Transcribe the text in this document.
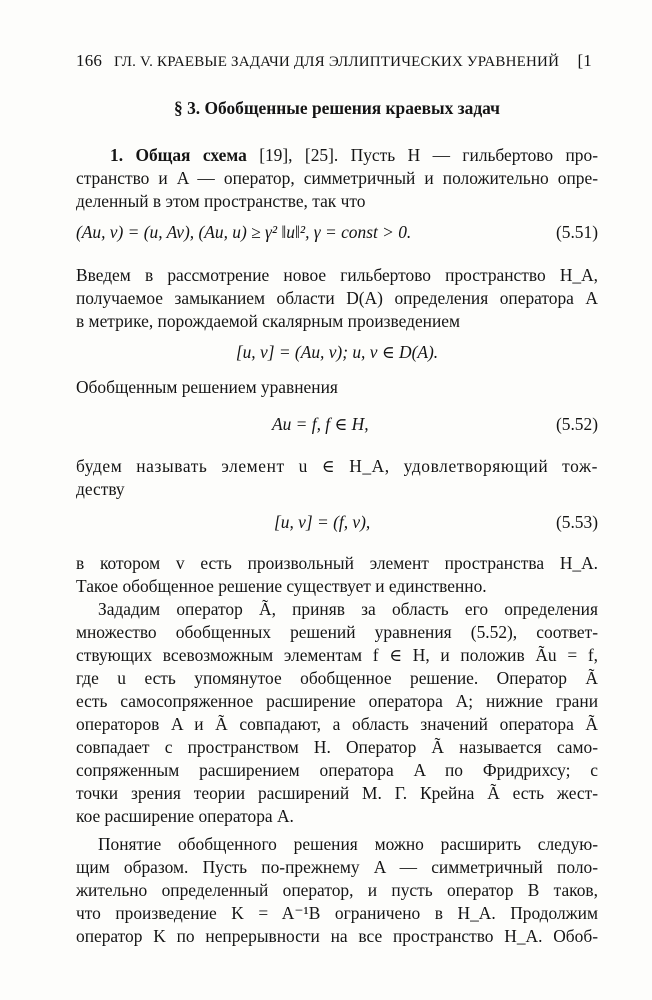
166 ГЛ. V. КРАЕВЫЕ ЗАДАЧИ ДЛЯ ЭЛЛИПТИЧЕСКИХ УРАВНЕНИЙ [1
§ 3. Обобщенные решения краевых задач
1. Общая схема [19], [25]. Пусть H — гильбертово про-
странство и A — оператор, симметричный и положительно опре-
деленный в этом пространстве, так что
(Au, v) = (u, Av), (Au, u) ≥ γ² ‖u‖², γ = const > 0.	(5.51)
Введем в рассмотрение новое гильбертово пространство H_A,
получаемое замыканием области D(A) определения оператора A
в метрике, порождаемой скалярным произведением
[u, v] = (Au, v); u, v ∈ D(A).
Обобщенным решением уравнения
Au = f, f ∈ H,	(5.52)
будем называть элемент u ∈ H_A, удовлетворяющий тож-
деству
[u, v] = (f, v),	(5.53)
в котором v есть произвольный элемент пространства H_A.
Такое обобщенное решение существует и единственно.
Зададим оператор Ã, приняв за область его определения
множество обобщенных решений уравнения (5.52), соответ-
ствующих всевозможным элементам f ∈ H, и положив Ãu = f,
где u есть упомянутое обобщенное решение. Оператор Ã
есть самосопряженное расширение оператора A; нижние грани
операторов A и Ã совпадают, а область значений оператора Ã
совпадает с пространством H. Оператор Ã называется само-
сопряженным расширением оператора A по Фридрихсу; с
точки зрения теории расширений М. Г. Крейна Ã есть жест-
кое расширение оператора A.
Понятие обобщенного решения можно расширить следую-
щим образом. Пусть по-прежнему A — симметричный поло-
жительно определенный оператор, и пусть оператор B таков,
что произведение K = A⁻¹B ограничено в H_A. Продолжим
оператор K по непрерывности на все пространство H_A. Обоб-
